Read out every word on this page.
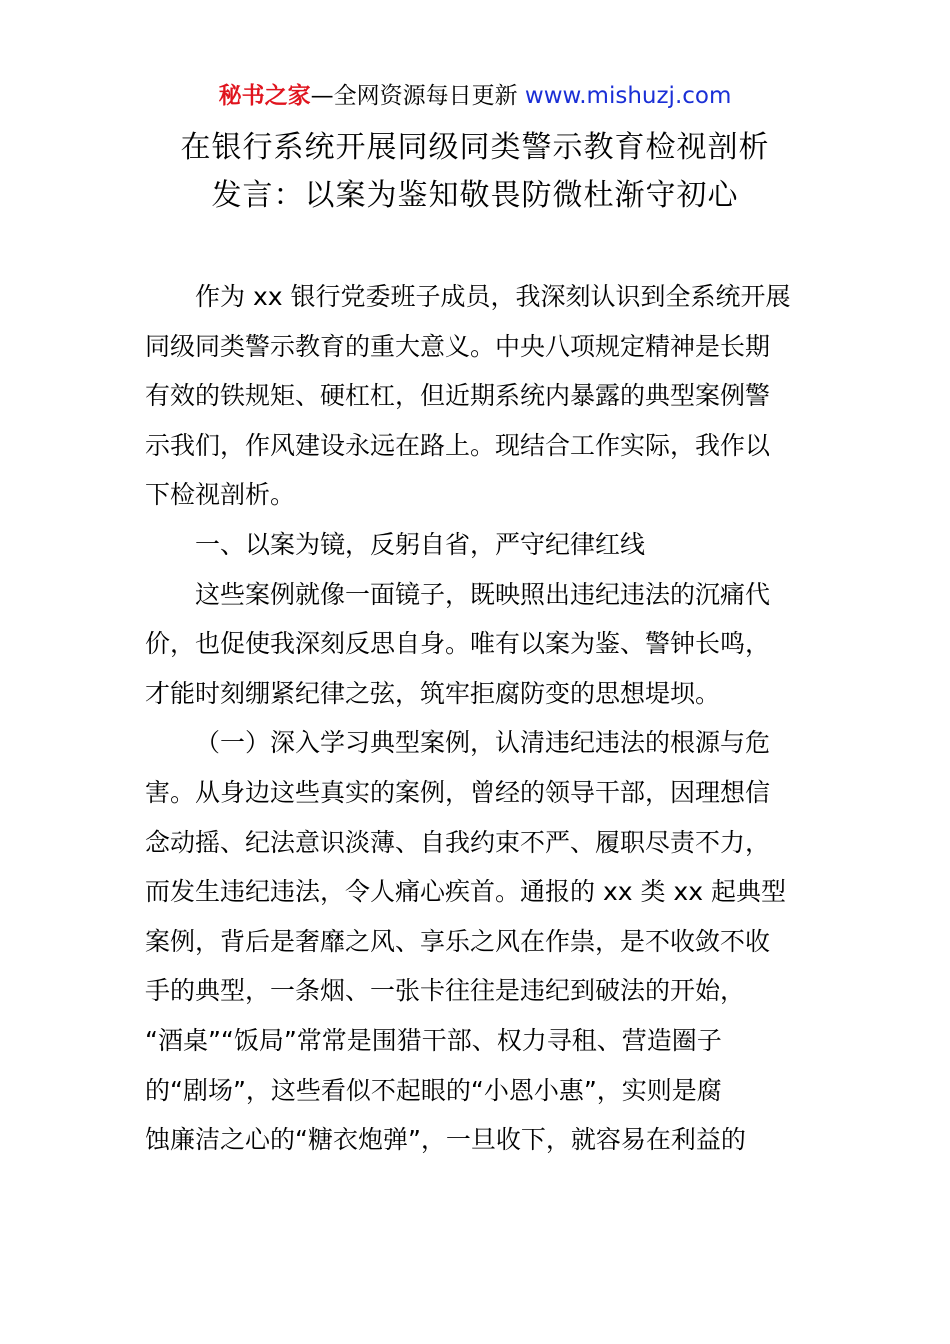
秘书之家—全网资源每日更新 www.mishuzj.com
在银行系统开展同级同类警示教育检视剖析
发言：以案为鉴知敬畏防微杜渐守初心
作为 xx 银行党委班子成员，我深刻认识到全系统开展
同级同类警示教育的重大意义。中央八项规定精神是长期
有效的铁规矩、硬杠杠，但近期系统内暴露的典型案例警
示我们，作风建设永远在路上。现结合工作实际，我作以
下检视剖析。
一、以案为镜，反躬自省，严守纪律红线
这些案例就像一面镜子，既映照出违纪违法的沉痛代
价，也促使我深刻反思自身。唯有以案为鉴、警钟长鸣，
才能时刻绷紧纪律之弦，筑牢拒腐防变的思想堤坝。
（一）深入学习典型案例，认清违纪违法的根源与危
害。从身边这些真实的案例，曾经的领导干部，因理想信
念动摇、纪法意识淡薄、自我约束不严、履职尽责不力，
而发生违纪违法，令人痛心疾首。通报的 xx 类 xx 起典型
案例，背后是奢靡之风、享乐之风在作祟，是不收敛不收
手的典型，一条烟、一张卡往往是违纪到破法的开始，
“酒桌”“饭局”常常是围猎干部、权力寻租、营造圈子
的“剧场”，这些看似不起眼的“小恩小惠”，实则是腐
蚀廉洁之心的“糖衣炮弹”，一旦收下，就容易在利益的
